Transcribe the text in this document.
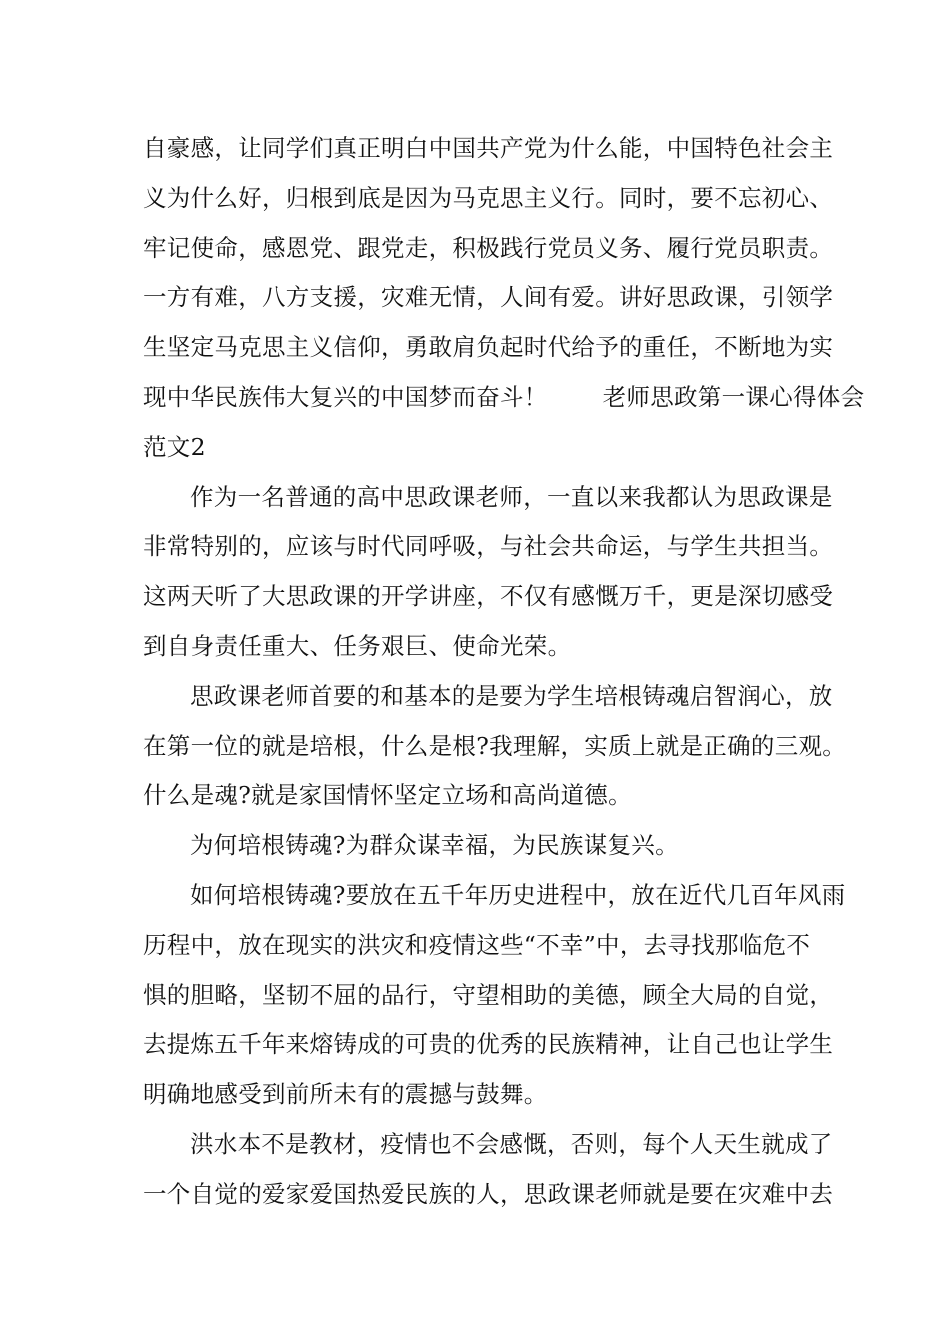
自豪感，让同学们真正明白中国共产党为什么能，中国特色社会主
义为什么好，归根到底是因为马克思主义行。同时，要不忘初心、
牢记使命，感恩党、跟党走，积极践行党员义务、履行党员职责。
一方有难，八方支援，灾难无情，人间有爱。讲好思政课，引领学
生坚定马克思主义信仰，勇敢肩负起时代给予的重任，不断地为实
现中华民族伟大复兴的中国梦而奋斗！ 老师思政第一课心得体会
范文2
作为一名普通的高中思政课老师，一直以来我都认为思政课是
非常特别的，应该与时代同呼吸，与社会共命运，与学生共担当。
这两天听了大思政课的开学讲座，不仅有感慨万千，更是深切感受
到自身责任重大、任务艰巨、使命光荣。
思政课老师首要的和基本的是要为学生培根铸魂启智润心，放
在第一位的就是培根，什么是根?我理解，实质上就是正确的三观。
什么是魂?就是家国情怀坚定立场和高尚道德。
为何培根铸魂?为群众谋幸福，为民族谋复兴。
如何培根铸魂?要放在五千年历史进程中，放在近代几百年风雨
历程中，放在现实的洪灾和疫情这些“不幸”中，去寻找那临危不
惧的胆略，坚韧不屈的品行，守望相助的美德，顾全大局的自觉，
去提炼五千年来熔铸成的可贵的优秀的民族精神，让自己也让学生
明确地感受到前所未有的震撼与鼓舞。
洪水本不是教材，疫情也不会感慨，否则，每个人天生就成了
一个自觉的爱家爱国热爱民族的人，思政课老师就是要在灾难中去
